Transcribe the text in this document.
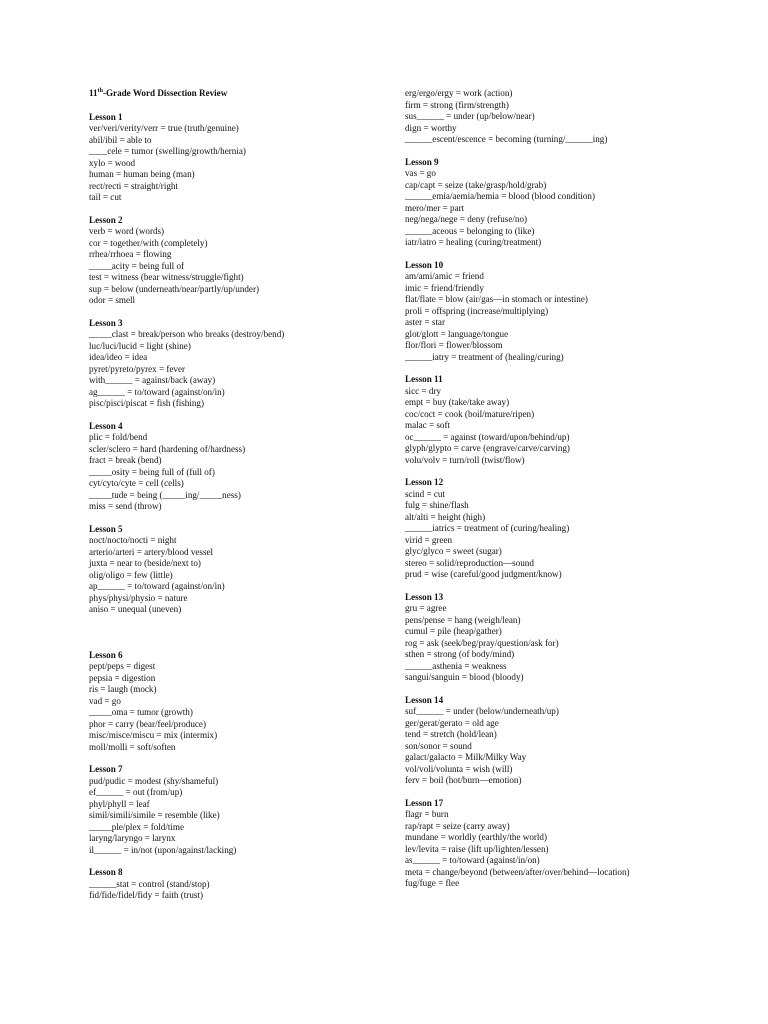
11th-Grade Word Dissection Review
Lesson 1
ver/veri/verity/verr = true (truth/genuine)
abil/ibil = able to
____cele = tumor (swelling/growth/hernia)
xylo = wood
human = human being (man)
rect/recti = straight/right
tail = cut
Lesson 2
verb = word (words)
cor = together/with (completely)
rrhea/rrhoea = flowing
_____acity = being full of
test = witness (bear witness/struggle/fight)
sup = below (underneath/near/partly/up/under)
odor = smell
Lesson 3
_____clast = break/person who breaks (destroy/bend)
luc/luci/lucid = light (shine)
idea/ideo = idea
pyret/pyreto/pyrex = fever
with______ = against/back (away)
ag______ = to/toward (against/on/in)
pisc/pisci/piscat = fish (fishing)
Lesson 4
plic = fold/bend
scler/sclero = hard (hardening of/hardness)
fract = break (bend)
_____osity = being full of (full of)
cyt/cyto/cyte = cell (cells)
_____tude = being (_____ing/_____ness)
miss = send (throw)
Lesson 5
noct/nocto/nocti = night
arterio/arteri = artery/blood vessel
juxta = near to (beside/next to)
olig/oligo = few (little)
ap______ = to/toward (against/on/in)
phys/physi/physio = nature
aniso = unequal (uneven)
Lesson 6
pept/peps = digest
pepsia = digestion
ris = laugh (mock)
vad = go
_____oma = tumor (growth)
phor = carry (bear/feel/produce)
misc/misce/miscu = mix (intermix)
moll/molli = soft/soften
Lesson 7
pud/pudic = modest (shy/shameful)
ef______ = out (from/up)
phyl/phyll = leaf
simil/simili/simile = resemble (like)
_____ple/plex = fold/time
laryng/laryngo = larynx
il______ = in/not (upon/against/lacking)
Lesson 8
______stat = control (stand/stop)
fid/fide/fidel/fidy = faith (trust)
erg/ergo/ergy = work (action)
firm = strong (firm/strength)
sus______ = under (up/below/near)
dign = worthy
______escent/escence = becoming (turning/______ing)
Lesson 9
vas = go
cap/capt = seize (take/grasp/hold/grab)
______emia/aemia/hemia = blood (blood condition)
mero/mer = part
neg/nega/nege = deny (refuse/no)
______aceous = belonging to (like)
iatr/iatro = healing (curing/treatment)
Lesson 10
am/ami/amic = friend
imic = friend/friendly
flat/flate = blow (air/gas—in stomach or intestine)
proli = offspring (increase/multiplying)
aster = star
glot/glott = language/tongue
flor/flori = flower/blossom
______iatry = treatment of (healing/curing)
Lesson 11
sicc = dry
empt = buy (take/take away)
coc/coct = cook (boil/mature/ripen)
malac = soft
oc______ = against (toward/upon/behind/up)
glyph/glypto = carve (engrave/carve/carving)
volu/volv = turn/roll (twist/flow)
Lesson 12
scind = cut
fulg = shine/flash
alt/alti = height (high)
______iatrics = treatment of (curing/healing)
virid = green
glyc/glyco = sweet (sugar)
stereo = solid/reproduction—sound
prud = wise (careful/good judgment/know)
Lesson 13
gru = agree
pens/pense = hang (weigh/lean)
cumul = pile (heap/gather)
rog = ask (seek/beg/pray/question/ask for)
sthen = strong (of body/mind)
______asthenia = weakness
sangui/sanguin = blood (bloody)
Lesson 14
suf______ = under (below/underneath/up)
ger/gerat/gerato = old age
tend = stretch (hold/lean)
son/sonor = sound
galact/galacto = Milk/Milky Way
vol/voli/volunta = wish (will)
ferv = boil (hot/burn—emotion)
Lesson 17
flagr = burn
rap/rapt = seize (carry away)
mundane = worldly (earthly/the world)
lev/levita = raise (lift up/lighten/lessen)
as______ = to/toward (against/in/on)
meta = change/beyond (between/after/over/behind—location)
fug/fuge = flee
